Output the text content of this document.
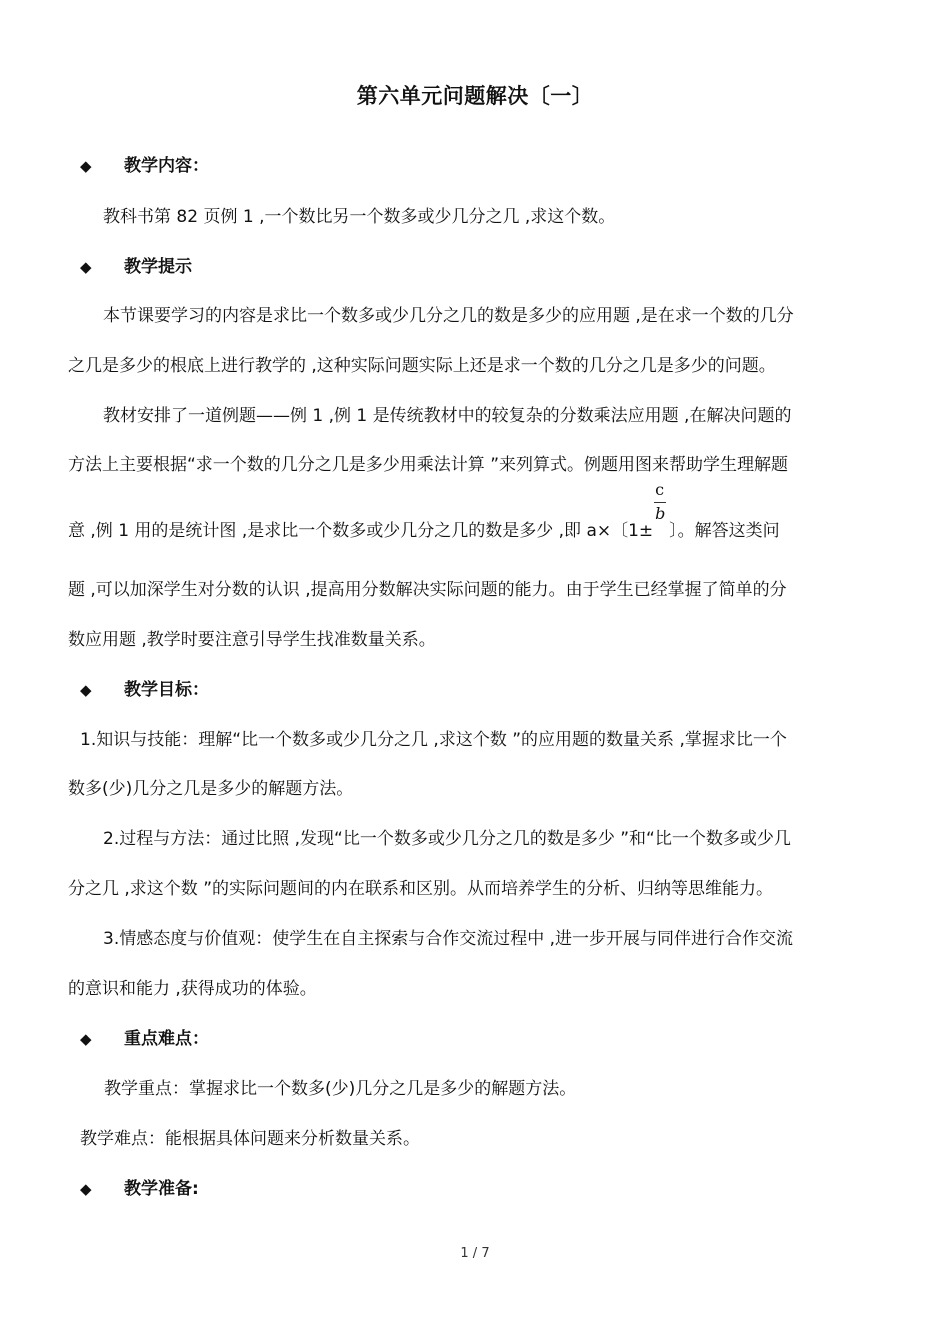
第六单元问题解决〔一〕
◆ 教学内容：
教科书第 82 页例 1 ,一个数比另一个数多或少几分之几 ,求这个数。
◆ 教学提示
本节课要学习的内容是求比一个数多或少几分之几的数是多少的应用题 ,是在求一个数的几分
之几是多少的根底上进行教学的 ,这种实际问题实际上还是求一个数的几分之几是多少的问题。
教材安排了一道例题——例 1 ,例 1 是传统教材中的较复杂的分数乘法应用题 ,在解决问题的
方法上主要根据“求一个数的几分之几是多少用乘法计算 ”来列算式。例题用图来帮助学生理解题
意 ,例 1 用的是统计图 ,是求比一个数多或少几分之几的数是多少 ,即 a×〔$1\pm \frac{c}{b}$ 〕。解答这类问
题 ,可以加深学生对分数的认识 ,提高用分数解决实际问题的能力。由于学生已经掌握了简单的分
数应用题 ,教学时要注意引导学生找准数量关系。
◆ 教学目标：
1.知识与技能：理解“比一个数多或少几分之几 ,求这个数 ”的应用题的数量关系 ,掌握求比一个
数多(少)几分之几是多少的解题方法。
2.过程与方法：通过比照 ,发现“比一个数多或少几分之几的数是多少 ”和“比一个数多或少几
分之几 ,求这个数 ”的实际问题间的内在联系和区别。从而培养学生的分析、归纳等思维能力。
3.情感态度与价值观：使学生在自主探索与合作交流过程中 ,进一步开展与同伴进行合作交流
的意识和能力 ,获得成功的体验。
◆ 重点难点：
教学重点：掌握求比一个数多(少)几分之几是多少的解题方法。
教学难点：能根据具体问题来分析数量关系。
◆ 教学准备:
1 / 7
